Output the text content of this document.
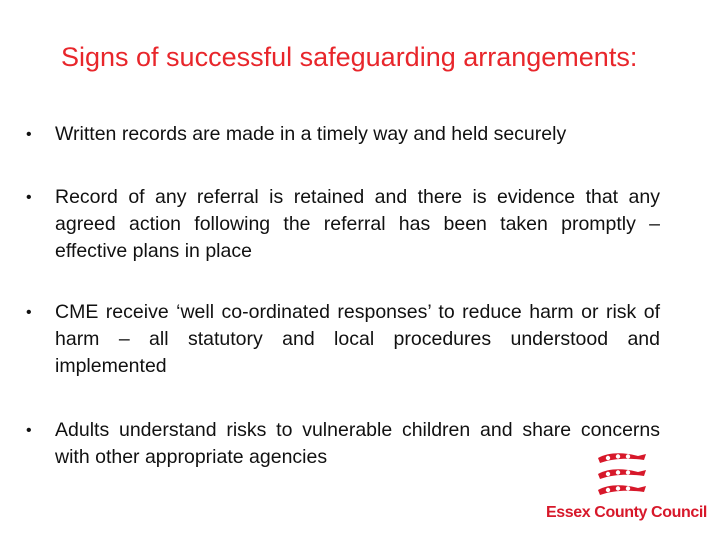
Signs of successful safeguarding arrangements:
•	Written records are made in a timely way and held securely
•	Record of any referral is retained and there is evidence that any agreed action following the referral has been taken promptly – effective plans in place
•	CME receive ‘well co-ordinated responses’ to reduce harm or risk of harm – all statutory and local procedures understood and implemented
•	Adults understand risks to vulnerable children and share concerns with other appropriate agencies
Essex County Council
